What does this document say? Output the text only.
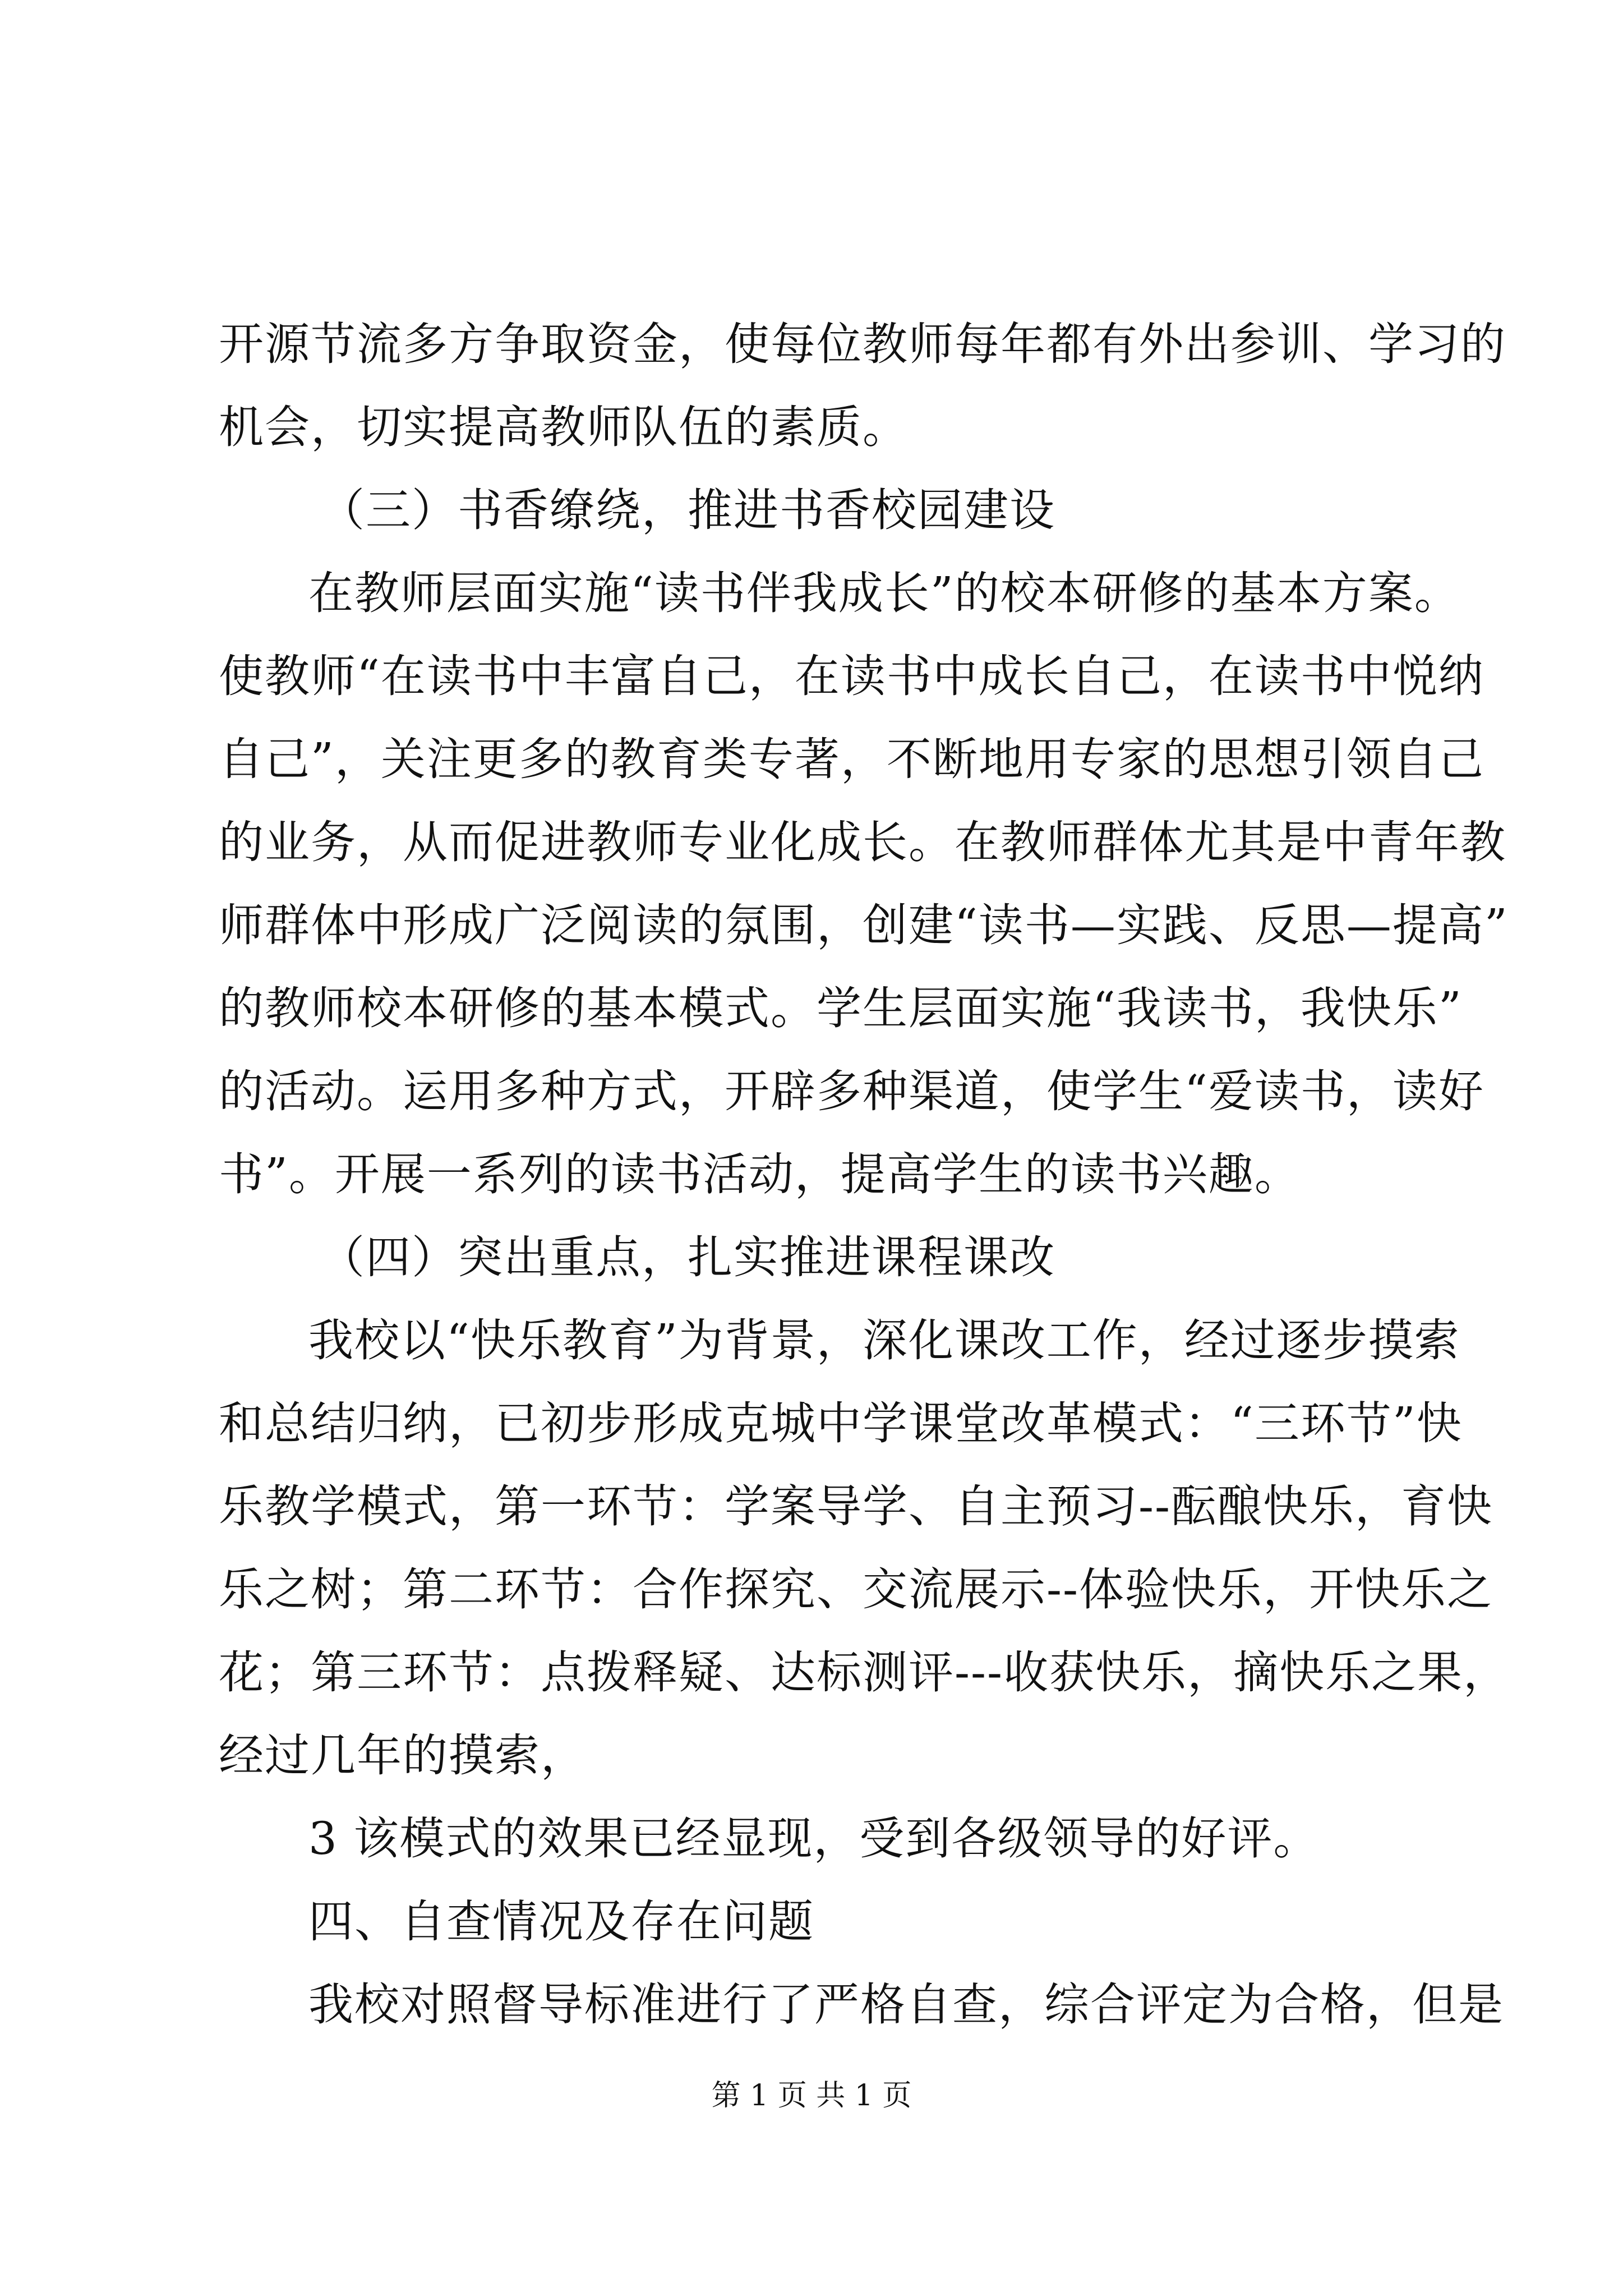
开源节流多方争取资金，使每位教师每年都有外出参训、学习的
机会，切实提高教师队伍的素质。
（三）书香缭绕，推进书香校园建设
在教师层面实施“读书伴我成长”的校本研修的基本方案。
使教师“在读书中丰富自己，在读书中成长自己，在读书中悦纳
自己”，关注更多的教育类专著，不断地用专家的思想引领自己
的业务，从而促进教师专业化成长。在教师群体尤其是中青年教
师群体中形成广泛阅读的氛围，创建“读书—实践、反思—提高”
的教师校本研修的基本模式。学生层面实施“我读书，我快乐”
的活动。运用多种方式，开辟多种渠道，使学生“爱读书，读好
书”。开展一系列的读书活动，提高学生的读书兴趣。
（四）突出重点，扎实推进课程课改
我校以“快乐教育”为背景，深化课改工作，经过逐步摸索
和总结归纳，已初步形成克城中学课堂改革模式：“三环节”快
乐教学模式，第一环节：学案导学、自主预习--酝酿快乐，育快
乐之树；第二环节：合作探究、交流展示--体验快乐，开快乐之
花；第三环节：点拨释疑、达标测评---收获快乐，摘快乐之果，
经过几年的摸索，
3 该模式的效果已经显现，受到各级领导的好评。
四、自查情况及存在问题
我校对照督导标准进行了严格自查，综合评定为合格，但是
第 1 页 共 1 页
